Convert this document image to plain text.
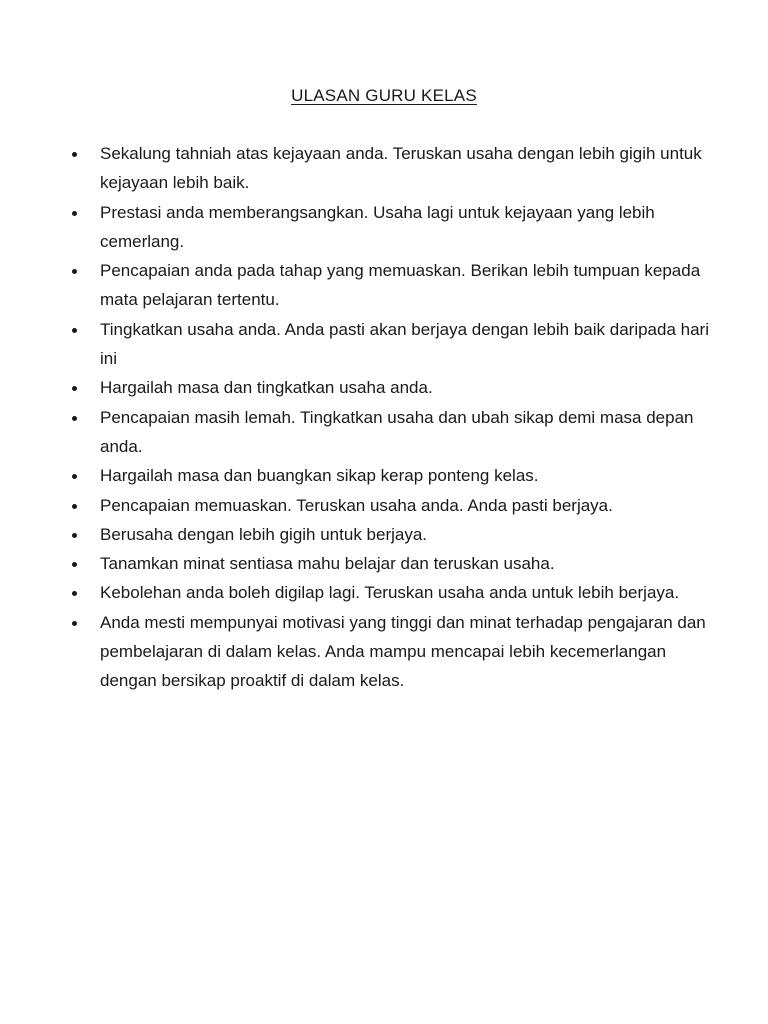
ULASAN GURU KELAS
Sekalung tahniah atas kejayaan anda. Teruskan usaha dengan lebih gigih untuk kejayaan lebih baik.
Prestasi anda memberangsangkan. Usaha lagi untuk kejayaan yang lebih cemerlang.
Pencapaian anda pada tahap yang memuaskan. Berikan lebih tumpuan kepada mata pelajaran tertentu.
Tingkatkan usaha anda. Anda pasti akan berjaya dengan lebih baik daripada hari ini
Hargailah masa dan tingkatkan usaha anda.
Pencapaian masih lemah. Tingkatkan usaha dan ubah sikap demi masa depan anda.
Hargailah masa dan buangkan sikap kerap ponteng kelas.
Pencapaian memuaskan. Teruskan usaha anda. Anda pasti berjaya.
Berusaha dengan lebih gigih untuk berjaya.
Tanamkan minat sentiasa mahu belajar dan teruskan usaha.
Kebolehan anda boleh digilap lagi. Teruskan usaha anda untuk lebih berjaya.
Anda mesti mempunyai motivasi yang tinggi dan minat terhadap pengajaran dan pembelajaran di dalam kelas. Anda mampu mencapai lebih kecemerlangan dengan bersikap proaktif di dalam kelas.
